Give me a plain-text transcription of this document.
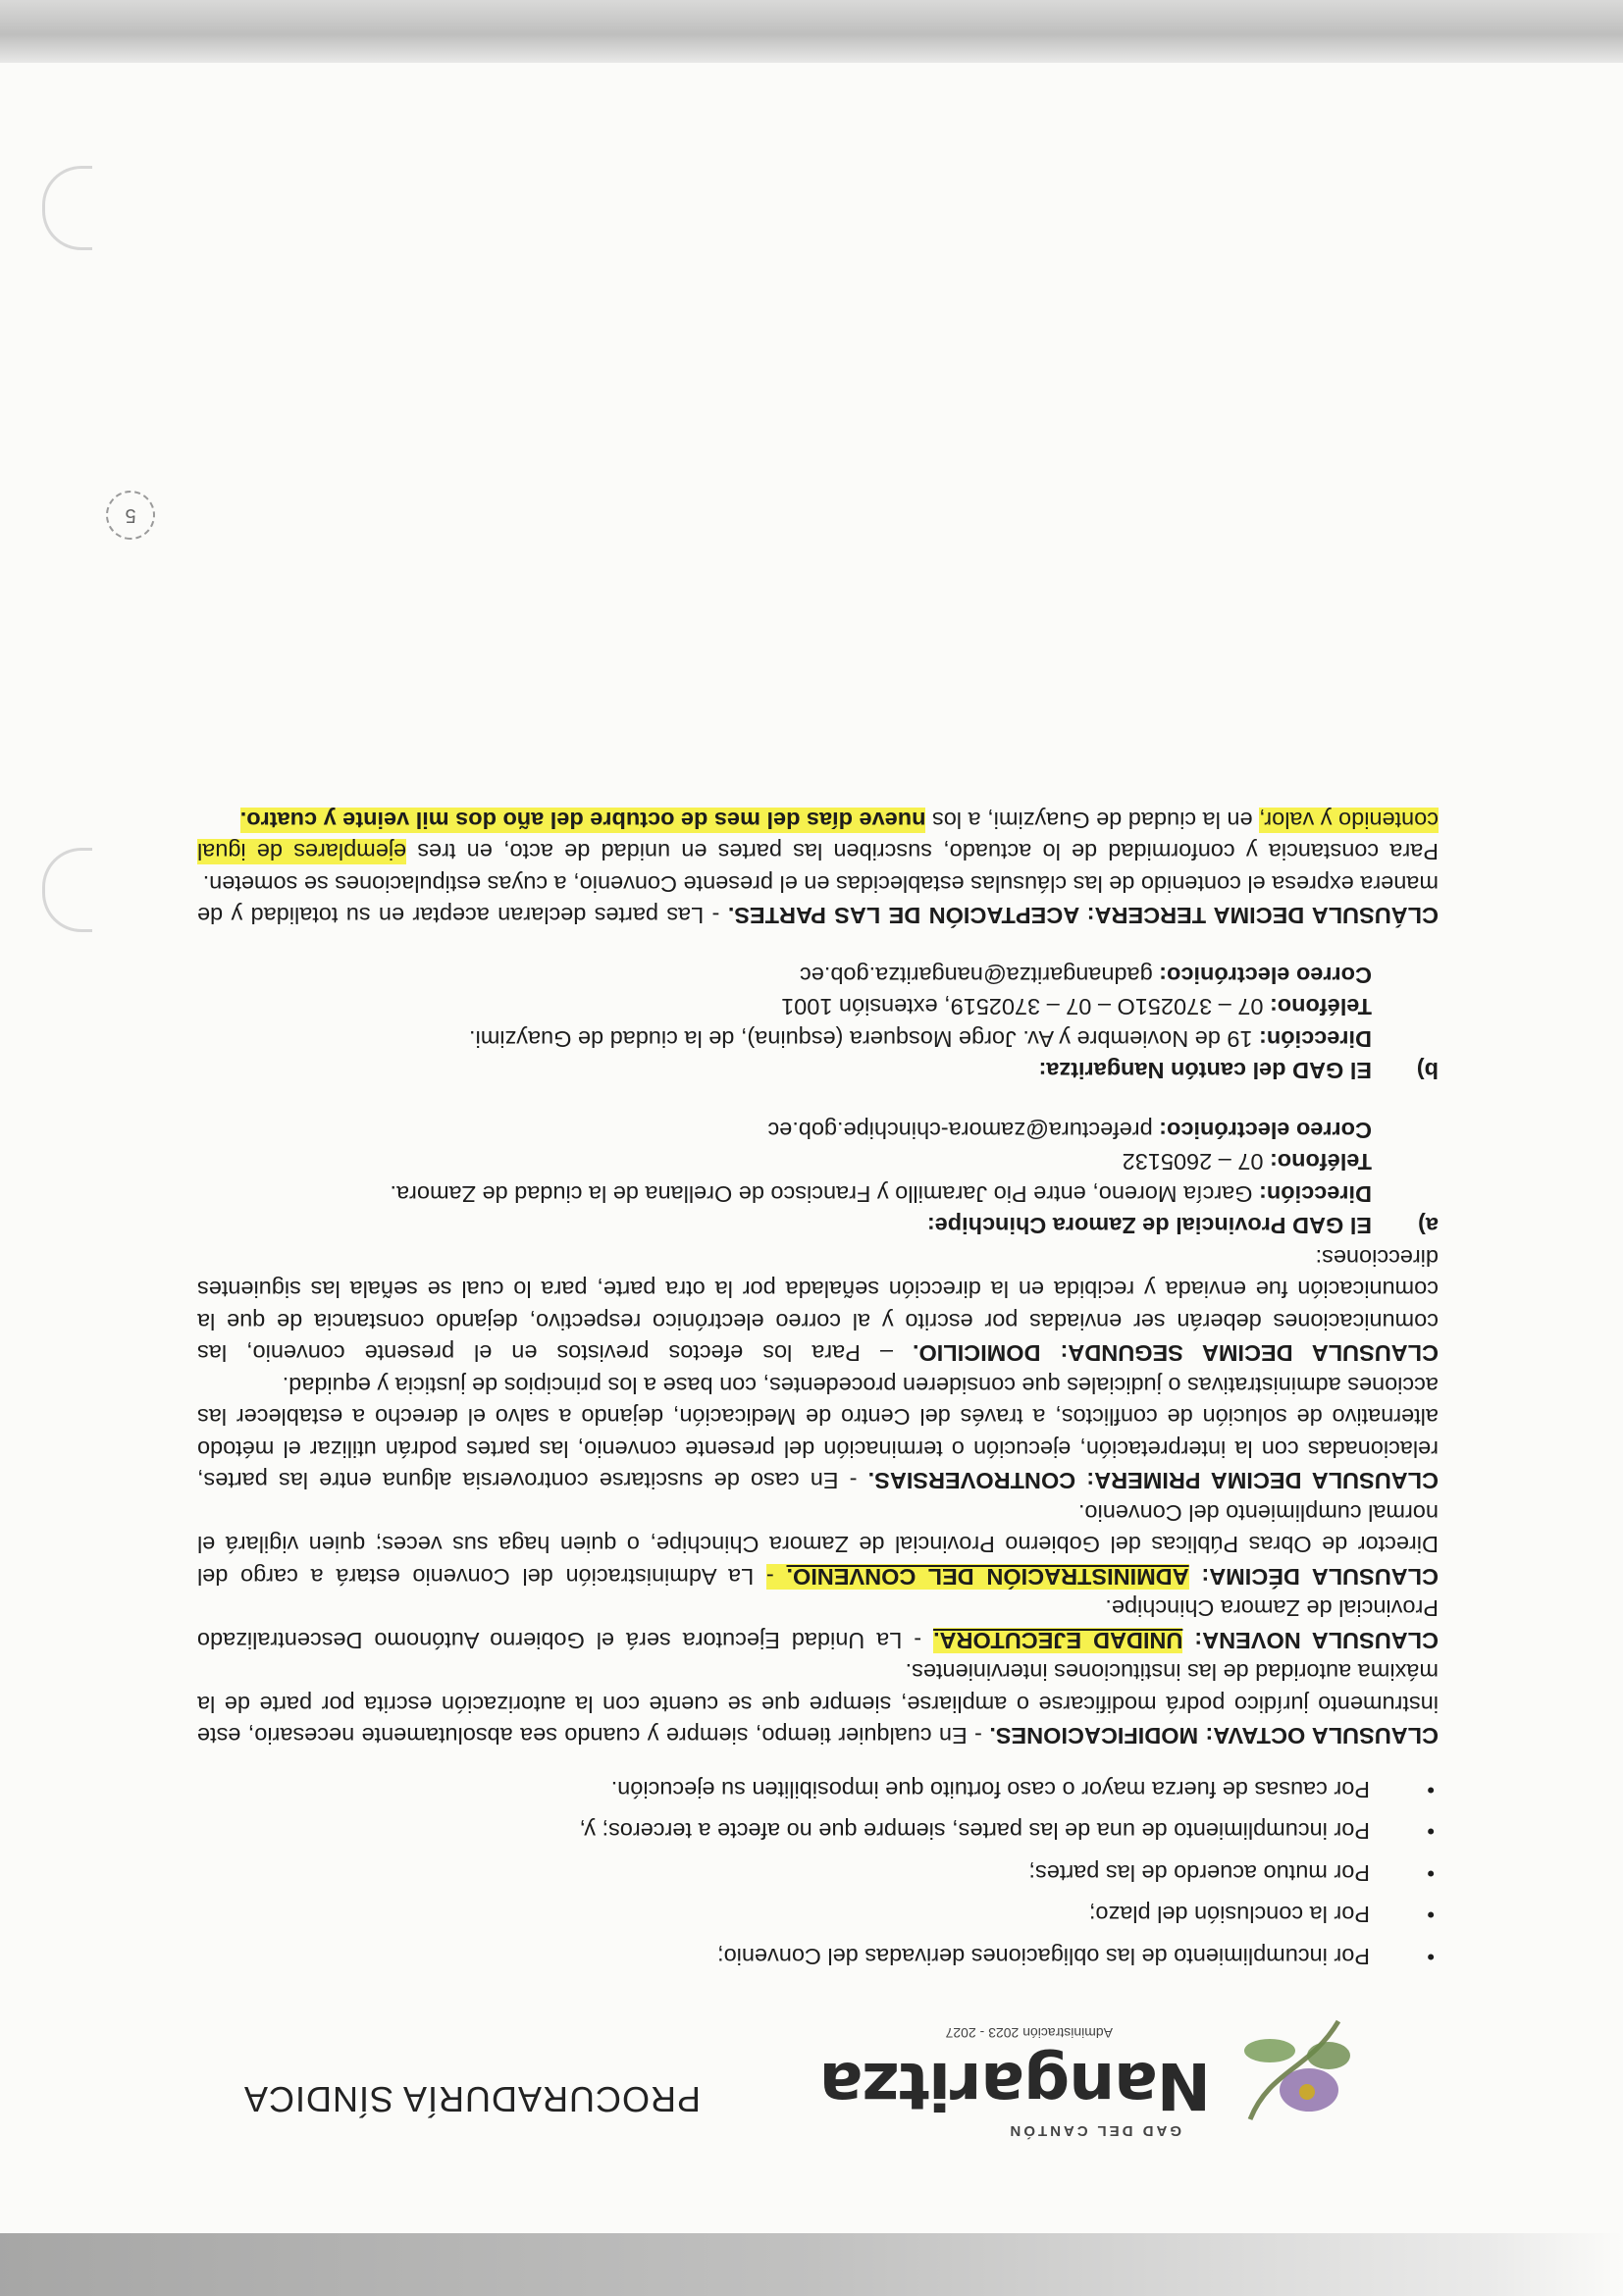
GAD DEL CANTÓN
Nangaritza
Administración 2023 - 2027
PROCURADURÍA SÍNDICA
• Por incumplimiento de las obligaciones derivadas del Convenio;
• Por la conclusión del plazo;
• Por mutuo acuerdo de las partes;
• Por incumplimiento de una de las partes, siempre que no afecte a terceros; y,
• Por causas de fuerza mayor o caso fortuito que imposibiliten su ejecución.

CLAUSULA OCTAVA: MODIFICACIONES. - En cualquier tiempo, siempre y cuando sea absolutamente necesario, este instrumento jurídico podrá modificarse o ampliarse, siempre que se cuente con la autorización escrita por parte de la máxima autoridad de las instituciones intervinientes.

CLAUSULA NOVENA: UNIDAD EJECUTORA. - La Unidad Ejecutora será el Gobierno Autónomo Descentralizado Provincial de Zamora Chinchipe.

CLAUSULA DÉCIMA: ADMINISTRACIÓN DEL CONVENIO. - La Administración del Convenio estará a cargo del Director de Obras Públicas del Gobierno Provincial de Zamora Chinchipe, o quien haga sus veces; quien vigilará el normal cumplimiento del Convenio.

CLAUSULA DECIMA PRIMERA: CONTROVERSIAS. - En caso de suscitarse controversia alguna entre las partes, relacionadas con la interpretación, ejecución o terminación del presente convenio, las partes podrán utilizar el método alternativo de solución de conflictos, a través del Centro de Medicación, dejando a salvo el derecho a establecer las acciones administrativas o judiciales que consideren procedentes, con base a los principios de justicia y equidad.

CLAUSULA DECIMA SEGUNDA: DOMICILIO. – Para los efectos previstos en el presente convenio, las comunicaciones deberán ser enviadas por escrito y al correo electrónico respectivo, dejando constancia de que la comunicación fue enviada y recibida en la dirección señalada por la otra parte, para lo cual se señala las siguientes direcciones:

a)
El GAD Provincial de Zamora Chinchipe:
Dirección: García Moreno, entre Pio Jaramillo y Francisco de Orellana de la ciudad de Zamora.
Teléfono: 07 – 2605132
Correo electrónico: prefectura@zamora-chinchipe.gob.ec
b)
El GAD del cantón Nangaritza:
Dirección: 19 de Noviembre y Av. Jorge Mosquera (esquina), de la ciudad de Guayzimi.
Teléfono: 07 – 370251O – 07 – 3702519, extensión 1001
Correo electrónico: gadnangaritza@nangaritza.gob.ec

CLÁUSULA DECIMA TERCERA: ACEPTACIÓN DE LAS PARTES. - Las partes declaran aceptar en su totalidad y de manera expresa el contenido de las cláusulas establecidas en el presente Convenio, a cuyas estipulaciones se someten.

Para constancia y conformidad de lo actuado, suscriben las partes en unidad de acto, en tres ejemplares de igual contenido y valor, en la ciudad de Guayzimi, a los nueve días del mes de octubre del año dos mil veinte y cuatro.

5
